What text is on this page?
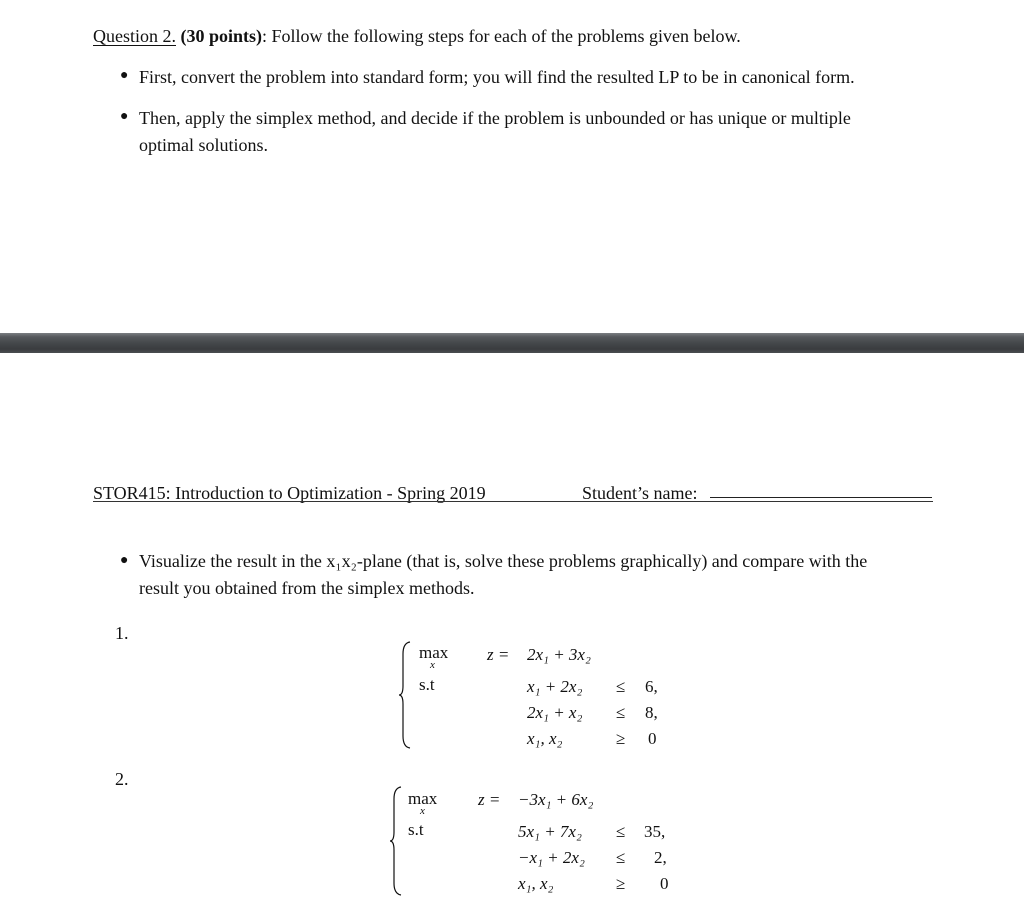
Question 2. (30 points): Follow the following steps for each of the problems given below.
● First, convert the problem into standard form; you will find the resulted LP to be in canonical form.
● Then, apply the simplex method, and decide if the problem is unbounded or has unique or multiple
optimal solutions.
STOR415: Introduction to Optimization - Spring 2019	Student’s name:
● Visualize the result in the x₁x₂-plane (that is, solve these problems graphically) and compare with the
result you obtained from the simplex methods.
1.
max
x
s.t
z = 2x₁ + 3x₂
x₁ + 2x₂ ≤ 6,
2x₁ + x₂ ≤ 8,
x₁, x₂	≥ 0
2.
max
x
s.t
z = −3x₁ + 6x₂
5x₁ + 7x₂ ≤ 35,
−x₁ + 2x₂ ≤ 2,
x₁, x₂	≥ 0
